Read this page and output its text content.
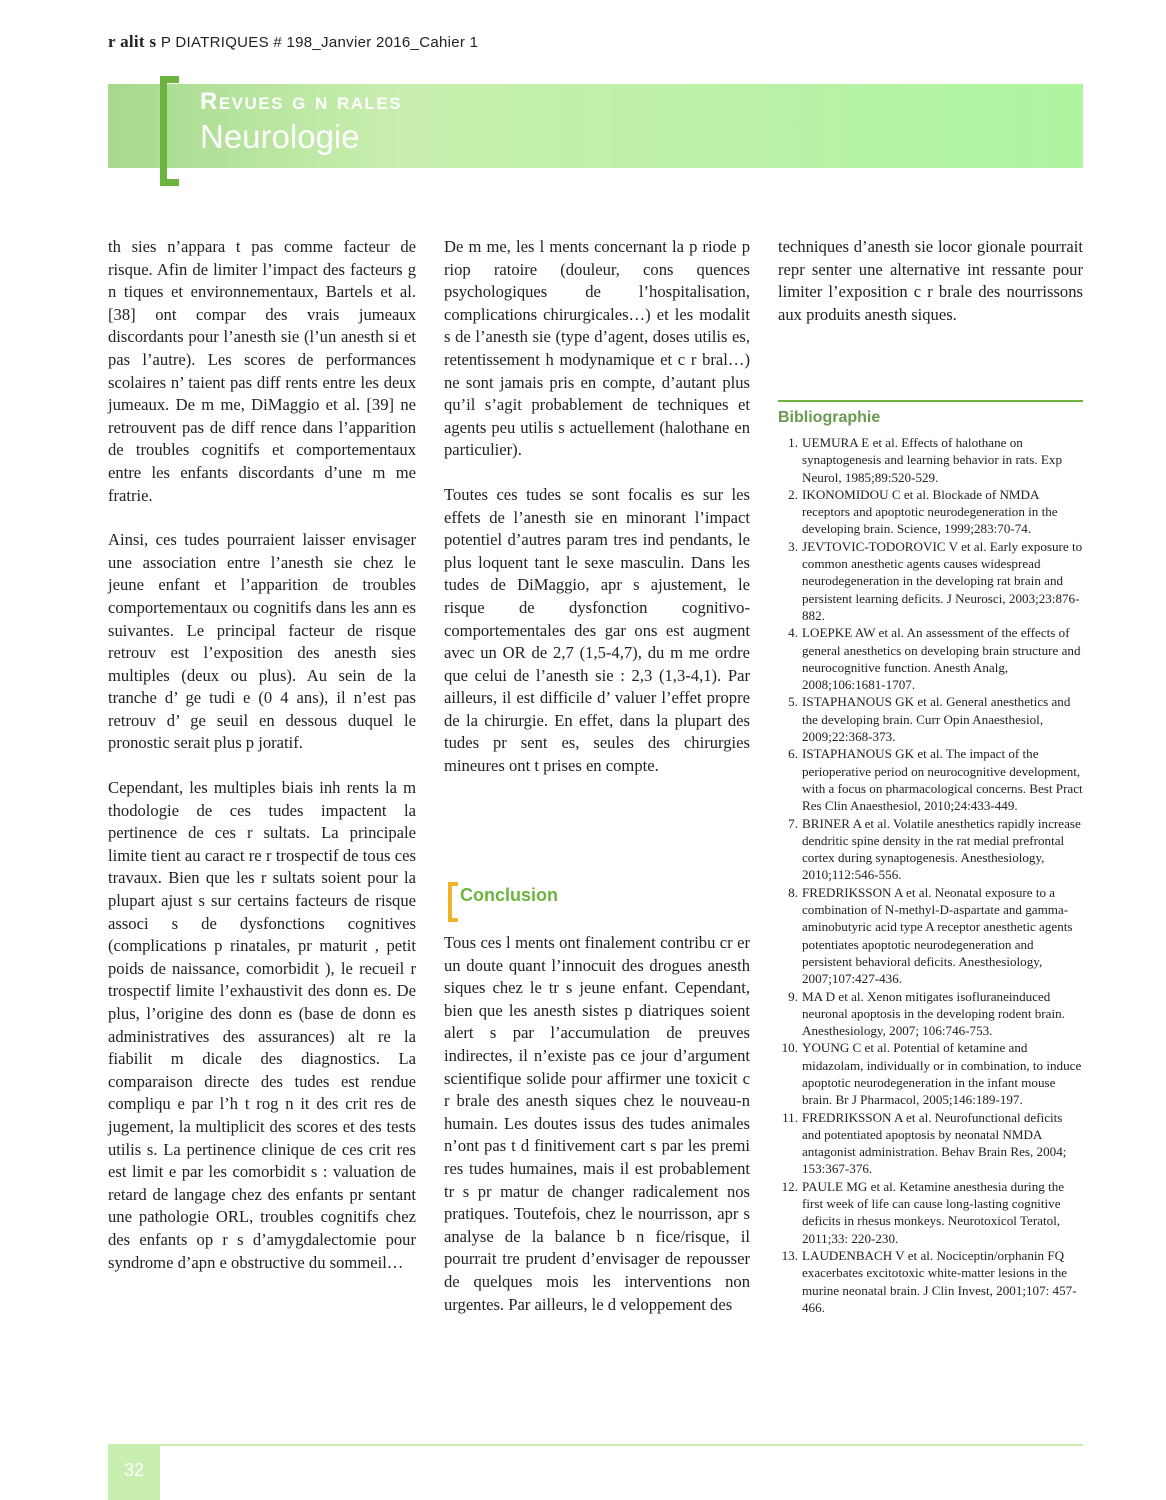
r alit s P DIATRIQUES # 198_Janvier 2016_Cahier 1
Revues g n rales
Neurologie

th sies n’appara t pas comme facteur de risque. Afin de limiter l’impact des facteurs g n tiques et environnementaux, Bartels et al. [38] ont compar des vrais jumeaux discordants pour l’anesth sie (l’un anesth si et pas l’autre). Les scores de performances scolaires n’ taient pas diff rents entre les deux jumeaux. De m me, DiMaggio et al. [39] ne retrouvent pas de diff rence dans l’apparition de troubles cognitifs et comportementaux entre les enfants discordants d’une m me fratrie.

Ainsi, ces tudes pourraient laisser envisager une association entre l’anesth sie chez le jeune enfant et l’apparition de troubles comportementaux ou cognitifs dans les ann es suivantes. Le principal facteur de risque retrouv est l’exposition des anesth sies multiples (deux ou plus). Au sein de la tranche d’ ge tudi e (0 4 ans), il n’est pas retrouv d’ ge seuil en dessous duquel le pronostic serait plus p joratif.

Cependant, les multiples biais inh rents la m thodologie de ces tudes impactent la pertinence de ces r sultats. La principale limite tient au caract re r trospectif de tous ces travaux. Bien que les r sultats soient pour la plupart ajust s sur certains facteurs de risque associ s de dysfonctions cognitives (complications p rinatales, pr maturit , petit poids de naissance, comorbidit ), le recueil r trospectif limite l’exhaustivit des donn es. De plus, l’origine des donn es (base de donn es administratives des assurances) alt re la fiabilit m dicale des diagnostics. La comparaison directe des tudes est rendue compliqu e par l’h t rog n it des crit res de jugement, la multiplicit des scores et des tests utilis s. La pertinence clinique de ces crit res est limit e par les comorbidit s : valuation de retard de langage chez des enfants pr sentant une pathologie ORL, troubles cognitifs chez des enfants op r s d’amygdalectomie pour syndrome d’apn e obstructive du sommeil…

De m me, les l ments concernant la p riode p riop ratoire (douleur, cons quences psychologiques de l’hospitalisation, complications chirurgicales…) et les modalit s de l’anesth sie (type d’agent, doses utilis es, retentissement h modynamique et c r bral…) ne sont jamais pris en compte, d’autant plus qu’il s’agit probablement de techniques et agents peu utilis s actuellement (halothane en particulier).

Toutes ces tudes se sont focalis es sur les effets de l’anesth sie en minorant l’impact potentiel d’autres param tres ind pendants, le plus loquent tant le sexe masculin. Dans les tudes de DiMaggio, apr s ajustement, le risque de dysfonction cognitivo-comportementales des gar ons est augment avec un OR de 2,7 (1,5-4,7), du m me ordre que celui de l’anesth sie : 2,3 (1,3-4,1). Par ailleurs, il est difficile d’ valuer l’effet propre de la chirurgie. En effet, dans la plupart des tudes pr sent es, seules des chirurgies mineures ont t prises en compte.

Conclusion

Tous ces l ments ont finalement contribu cr er un doute quant l’innocuit des drogues anesth siques chez le tr s jeune enfant. Cependant, bien que les anesth sistes p diatriques soient alert s par l’accumulation de preuves indirectes, il n’existe pas ce jour d’argument scientifique solide pour affirmer une toxicit c r brale des anesth siques chez le nouveau-n humain. Les doutes issus des tudes animales n’ont pas t d finitivement cart s par les premi res tudes humaines, mais il est probablement tr s pr matur de changer radicalement nos pratiques. Toutefois, chez le nourrisson, apr s analyse de la balance b n fice/risque, il pourrait tre prudent d’envisager de repousser de quelques mois les interventions non urgentes. Par ailleurs, le d veloppement des

techniques d’anesth sie locor gionale pourrait repr senter une alternative int ressante pour limiter l’exposition c r brale des nourrissons aux produits anesth siques.

Bibliographie
1. UEMURA E et al. Effects of halothane on synaptogenesis and learning behavior in rats. Exp Neurol, 1985;89:520-529.
2. IKONOMIDOU C et al. Blockade of NMDA receptors and apoptotic neurodegeneration in the developing brain. Science, 1999;283:70-74.
3. JEVTOVIC-TODOROVIC V et al. Early exposure to common anesthetic agents causes widespread neurodegeneration in the developing rat brain and persistent learning deficits. J Neurosci, 2003;23:876-882.
4. LOEPKE AW et al. An assessment of the effects of general anesthetics on developing brain structure and neurocognitive function. Anesth Analg, 2008;106:1681-1707.
5. ISTAPHANOUS GK et al. General anesthetics and the developing brain. Curr Opin Anaesthesiol, 2009;22:368-373.
6. ISTAPHANOUS GK et al. The impact of the perioperative period on neurocognitive development, with a focus on pharmacological concerns. Best Pract Res Clin Anaesthesiol, 2010;24:433-449.
7. BRINER A et al. Volatile anesthetics rapidly increase dendritic spine density in the rat medial prefrontal cortex during synaptogenesis. Anesthesiology, 2010;112:546-556.
8. FREDRIKSSON A et al. Neonatal exposure to a combination of N-methyl-D-aspartate and gamma-aminobutyric acid type A receptor anesthetic agents potentiates apoptotic neurodegeneration and persistent behavioral deficits. Anesthesiology, 2007;107:427-436.
9. MA D et al. Xenon mitigates isofluraneinduced neuronal apoptosis in the developing rodent brain. Anesthesiology, 2007; 106:746-753.
10. YOUNG C et al. Potential of ketamine and midazolam, individually or in combination, to induce apoptotic neurodegeneration in the infant mouse brain. Br J Pharmacol, 2005;146:189-197.
11. FREDRIKSSON A et al. Neurofunctional deficits and potentiated apoptosis by neonatal NMDA antagonist administration. Behav Brain Res, 2004; 153:367-376.
12. PAULE MG et al. Ketamine anesthesia during the first week of life can cause long-lasting cognitive deficits in rhesus monkeys. Neurotoxicol Teratol, 2011;33: 220-230.
13. LAUDENBACH V et al. Nociceptin/orphanin FQ exacerbates excitotoxic white-matter lesions in the murine neonatal brain. J Clin Invest, 2001;107: 457-466.
32
